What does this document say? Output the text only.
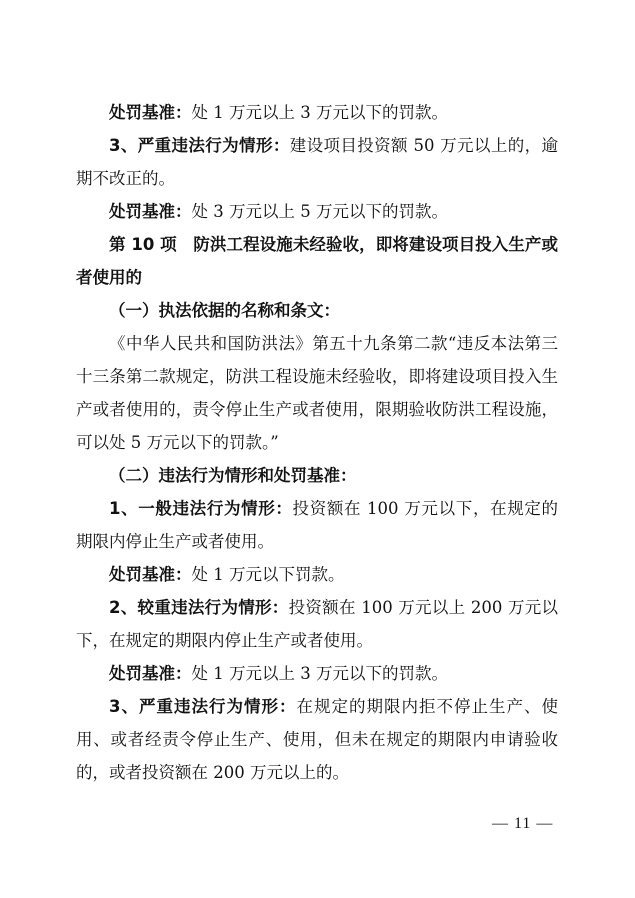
处罚基准：处 1 万元以上 3 万元以下的罚款。

3、严重违法行为情形：建设项目投资额 50 万元以上的，逾期不改正的。

处罚基准：处 3 万元以上 5 万元以下的罚款。

第 10 项　防洪工程设施未经验收，即将建设项目投入生产或者使用的

（一）执法依据的名称和条文：

《中华人民共和国防洪法》第五十九条第二款“违反本法第三十三条第二款规定，防洪工程设施未经验收，即将建设项目投入生产或者使用的，责令停止生产或者使用，限期验收防洪工程设施，可以处 5 万元以下的罚款。”

（二）违法行为情形和处罚基准：

1、一般违法行为情形：投资额在 100 万元以下，在规定的期限内停止生产或者使用。

处罚基准：处 1 万元以下罚款。

2、较重违法行为情形：投资额在 100 万元以上 200 万元以下，在规定的期限内停止生产或者使用。

处罚基准：处 1 万元以上 3 万元以下的罚款。

3、严重违法行为情形：在规定的期限内拒不停止生产、使用、或者经责令停止生产、使用，但未在规定的期限内申请验收的，或者投资额在 200 万元以上的。

— 11 —
